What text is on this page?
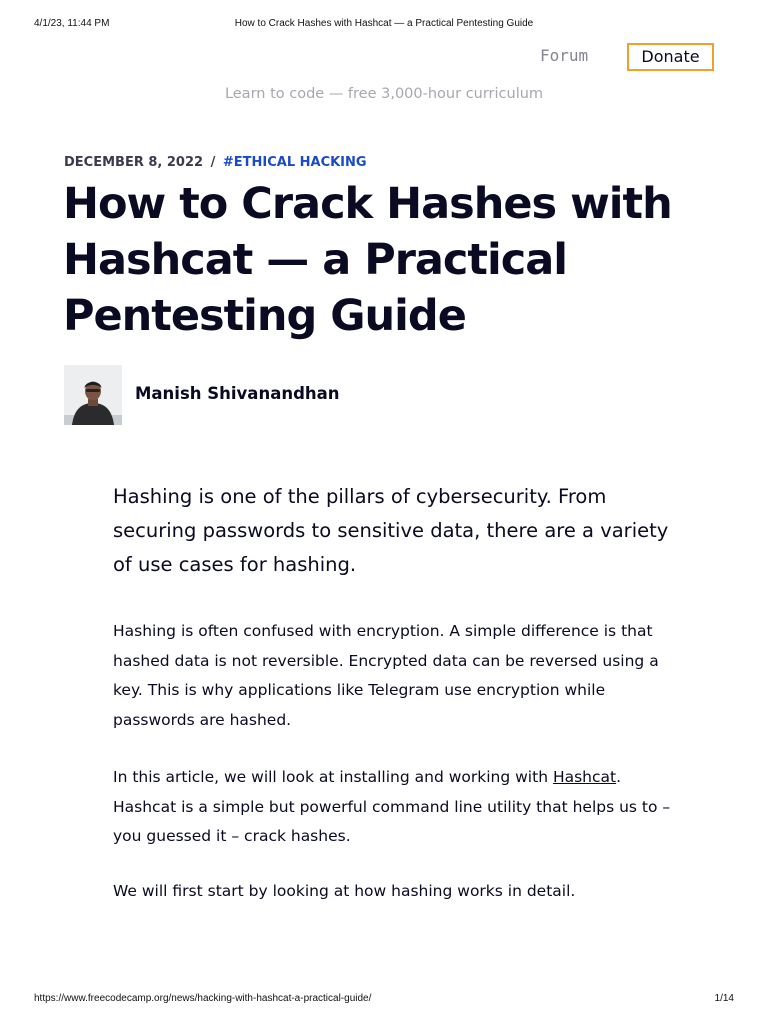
4/1/23, 11:44 PM	How to Crack Hashes with Hashcat — a Practical Pentesting Guide
Forum	Donate
Learn to code — free 3,000-hour curriculum
DECEMBER 8, 2022 / #ETHICAL HACKING
How to Crack Hashes with Hashcat — a Practical Pentesting Guide
Manish Shivanandhan

Hashing is one of the pillars of cybersecurity. From securing passwords to sensitive data, there are a variety of use cases for hashing.

Hashing is often confused with encryption. A simple difference is that hashed data is not reversible. Encrypted data can be reversed using a key. This is why applications like Telegram use encryption while passwords are hashed.

In this article, we will look at installing and working with Hashcat. Hashcat is a simple but powerful command line utility that helps us to – you guessed it – crack hashes.

We will first start by looking at how hashing works in detail.

https://www.freecodecamp.org/news/hacking-with-hashcat-a-practical-guide/	1/14
